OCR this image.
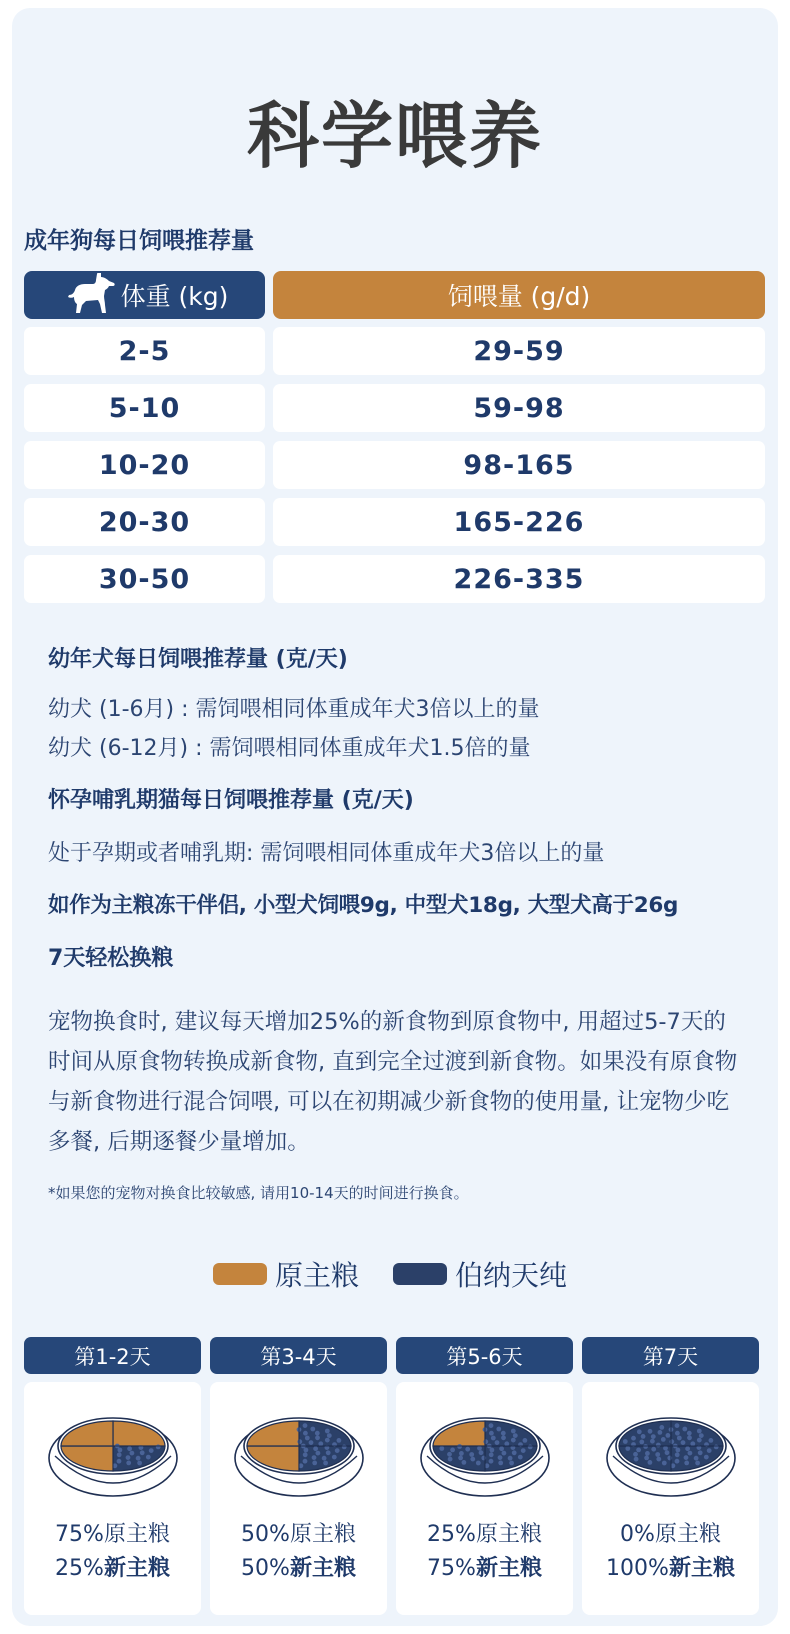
科学喂养
成年狗每日饲喂推荐量
体重 (kg)	饲喂量 (g/d)
2-5	29-59
5-10	59-98
10-20	98-165
20-30	165-226
30-50	226-335
幼年犬每日饲喂推荐量 (克/天)
幼犬 (1-6月) : 需饲喂相同体重成年犬3倍以上的量
幼犬 (6-12月) : 需饲喂相同体重成年犬1.5倍的量
怀孕哺乳期猫每日饲喂推荐量 (克/天)
处于孕期或者哺乳期: 需饲喂相同体重成年犬3倍以上的量
如作为主粮冻干伴侣, 小型犬饲喂9g, 中型犬18g, 大型犬高于26g
7天轻松换粮
宠物换食时, 建议每天增加25%的新食物到原食物中, 用超过5-7天的时间从原食物转换成新食物, 直到完全过渡到新食物。如果没有原食物与新食物进行混合饲喂, 可以在初期减少新食物的使用量, 让宠物少吃多餐, 后期逐餐少量增加。
*如果您的宠物对换食比较敏感, 请用10-14天的时间进行换食。
原主粮	伯纳天纯
第1-2天	第3-4天	第5-6天	第7天
75%原主粮
25%新主粮
50%原主粮
50%新主粮
25%原主粮
75%新主粮
0%原主粮
100%新主粮
